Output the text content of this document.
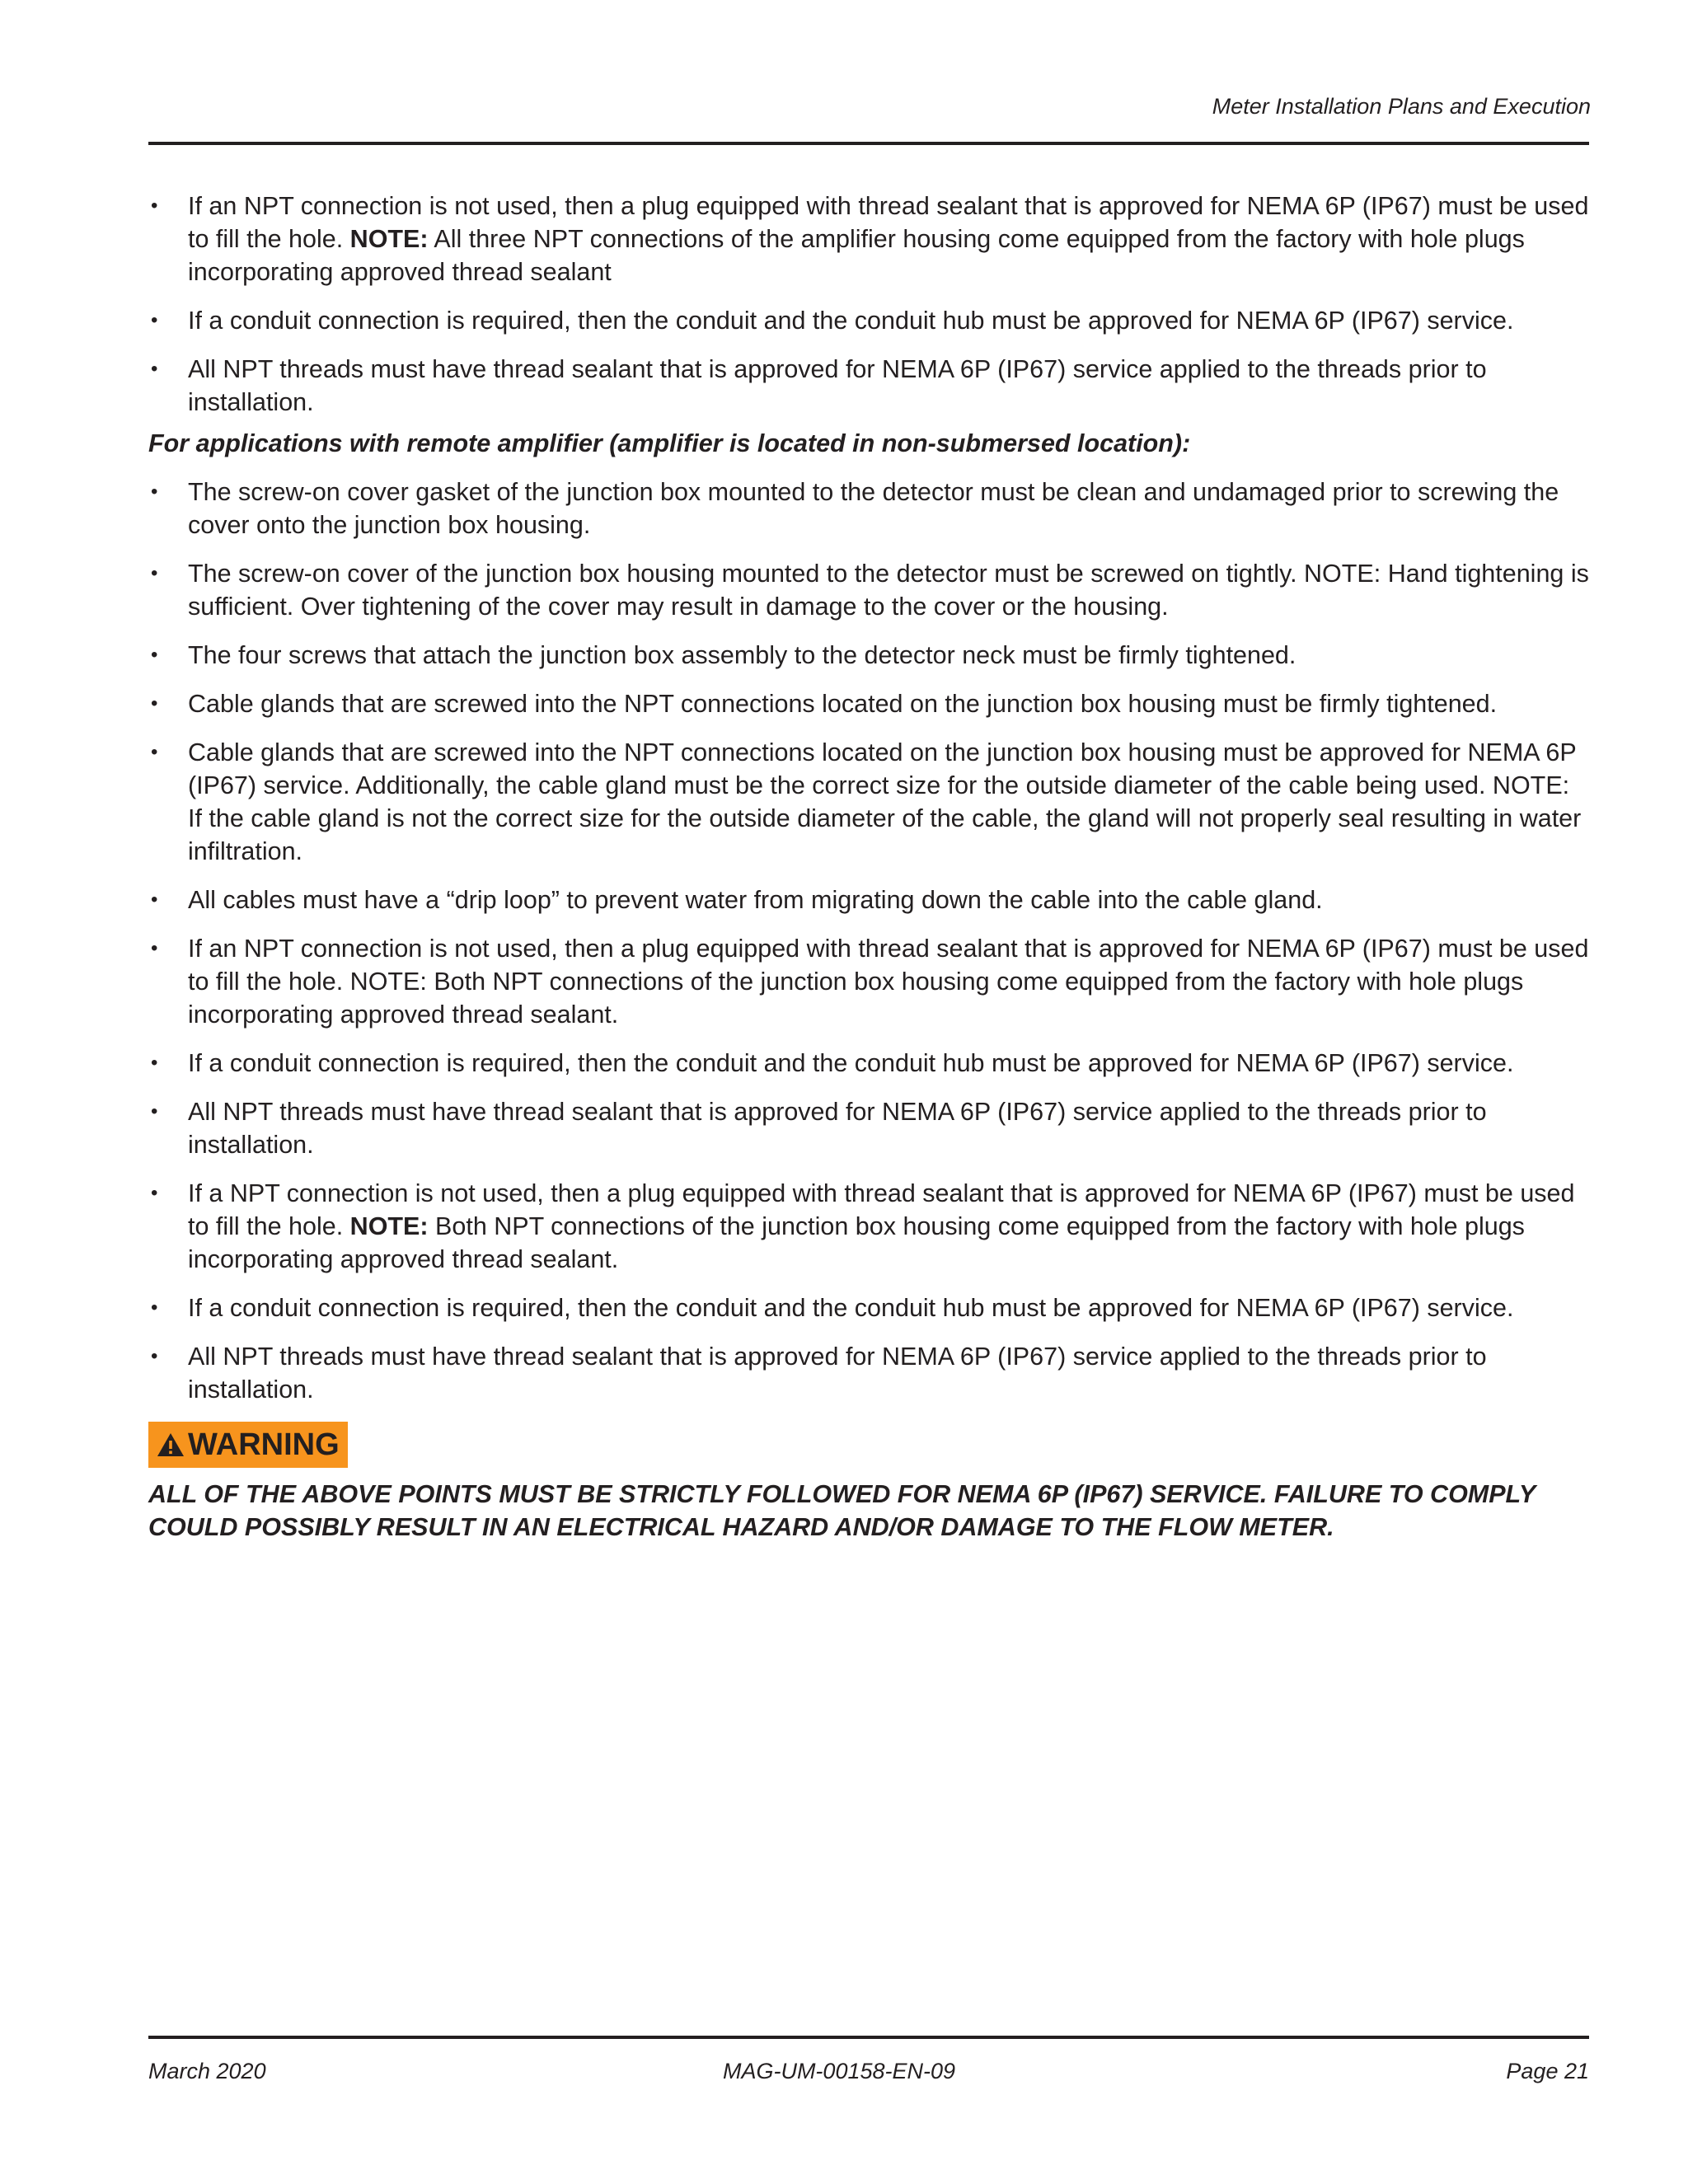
Meter Installation Plans and Execution
• If an NPT connection is not used, then a plug equipped with thread sealant that is approved for NEMA 6P (IP67) must be used to fill the hole. NOTE: All three NPT connections of the amplifier housing come equipped from the factory with hole plugs incorporating approved thread sealant
• If a conduit connection is required, then the conduit and the conduit hub must be approved for NEMA 6P (IP67) service.
• All NPT threads must have thread sealant that is approved for NEMA 6P (IP67) service applied to the threads prior to installation.
For applications with remote amplifier (amplifier is located in non-submersed location):
• The screw-on cover gasket of the junction box mounted to the detector must be clean and undamaged prior to screwing the cover onto the junction box housing.
• The screw-on cover of the junction box housing mounted to the detector must be screwed on tightly. NOTE: Hand tightening is sufficient. Over tightening of the cover may result in damage to the cover or the housing.
• The four screws that attach the junction box assembly to the detector neck must be firmly tightened.
• Cable glands that are screwed into the NPT connections located on the junction box housing must be firmly tightened.
• Cable glands that are screwed into the NPT connections located on the junction box housing must be approved for NEMA 6P (IP67) service. Additionally, the cable gland must be the correct size for the outside diameter of the cable being used. NOTE: If the cable gland is not the correct size for the outside diameter of the cable, the gland will not properly seal resulting in water infiltration.
• All cables must have a “drip loop” to prevent water from migrating down the cable into the cable gland.
• If an NPT connection is not used, then a plug equipped with thread sealant that is approved for NEMA 6P (IP67) must be used to fill the hole. NOTE: Both NPT connections of the junction box housing come equipped from the factory with hole plugs incorporating approved thread sealant.
• If a conduit connection is required, then the conduit and the conduit hub must be approved for NEMA 6P (IP67) service.
• All NPT threads must have thread sealant that is approved for NEMA 6P (IP67) service applied to the threads prior to installation.
• If a NPT connection is not used, then a plug equipped with thread sealant that is approved for NEMA 6P (IP67) must be used to fill the hole. NOTE: Both NPT connections of the junction box housing come equipped from the factory with hole plugs incorporating approved thread sealant.
• If a conduit connection is required, then the conduit and the conduit hub must be approved for NEMA 6P (IP67) service.
• All NPT threads must have thread sealant that is approved for NEMA 6P (IP67) service applied to the threads prior to installation.
WARNING
ALL OF THE ABOVE POINTS MUST BE STRICTLY FOLLOWED FOR NEMA 6P (IP67) SERVICE. FAILURE TO COMPLY COULD POSSIBLY RESULT IN AN ELECTRICAL HAZARD AND/OR DAMAGE TO THE FLOW METER.
March 2020	MAG-UM-00158-EN-09	Page 21
